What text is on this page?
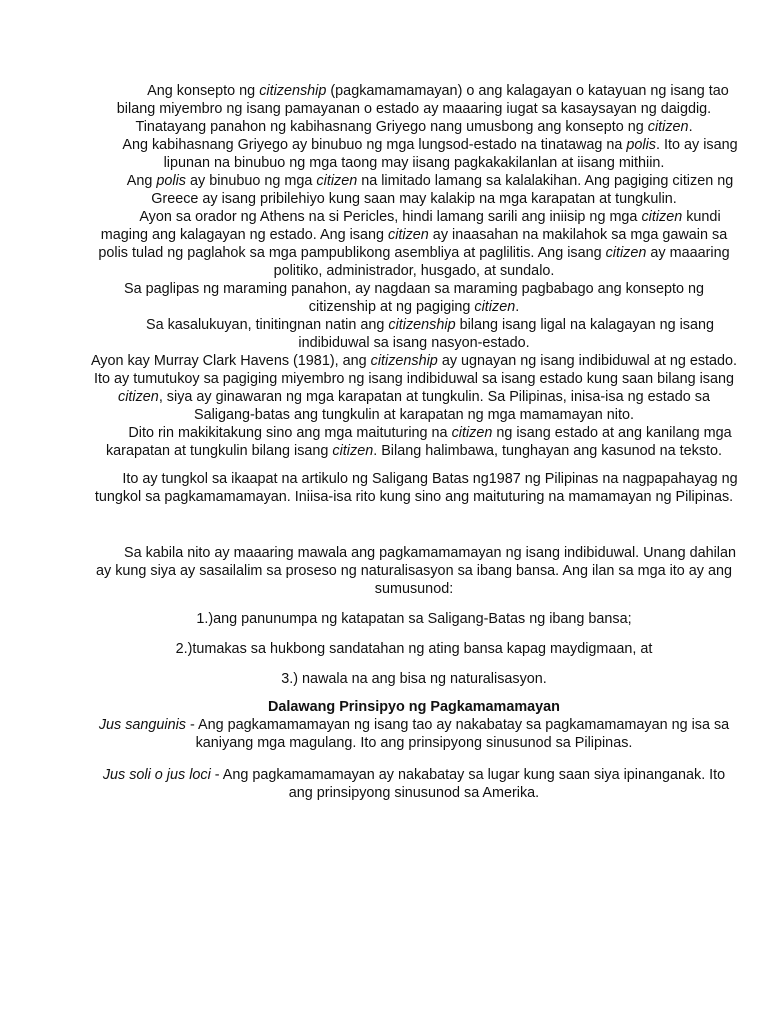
Ang konsepto ng citizenship (pagkamamamayan) o ang kalagayan o katayuan ng isang tao bilang miyembro ng isang pamayanan o estado ay maaaring iugat sa kasaysayan ng daigdig. Tinatayang panahon ng kabihasnang Griyego nang umusbong ang konsepto ng citizen.

Ang kabihasnang Griyego ay binubuo ng mga lungsod-estado na tinatawag na polis. Ito ay isang lipunan na binubuo ng mga taong may iisang pagkakakilanlan at iisang mithiin.

Ang polis ay binubuo ng mga citizen na limitado lamang sa kalalakihan. Ang pagiging citizen ng Greece ay isang pribilehiyo kung saan may kalakip na mga karapatan at tungkulin.

Ayon sa orador ng Athens na si Pericles, hindi lamang sarili ang iniisip ng mga citizen kundi maging ang kalagayan ng estado. Ang isang citizen ay inaasahan na makilahok sa mga gawain sa polis tulad ng paglahok sa mga pampublikong asembliya at paglilitis. Ang isang citizen ay maaaring politiko, administrador, husgado, at sundalo.

Sa paglipas ng maraming panahon, ay nagdaan sa maraming pagbabago ang konsepto ng citizenship at ng pagiging citizen.

Sa kasalukuyan, tinitingnan natin ang citizenship bilang isang ligal na kalagayan ng isang indibiduwal sa isang nasyon-estado.

Ayon kay Murray Clark Havens (1981), ang citizenship ay ugnayan ng isang indibiduwal at ng estado. Ito ay tumutukoy sa pagiging miyembro ng isang indibiduwal sa isang estado kung saan bilang isang citizen, siya ay ginawaran ng mga karapatan at tungkulin. Sa Pilipinas, inisa-isa ng estado sa Saligang-batas ang tungkulin at karapatan ng mga mamamayan nito.

Dito rin makikitakung sino ang mga maituturing na citizen ng isang estado at ang kanilang mga karapatan at tungkulin bilang isang citizen. Bilang halimbawa, tunghayan ang kasunod na teksto.

Ito ay tungkol sa ikaapat na artikulo ng Saligang Batas ng1987 ng Pilipinas na nagpapahayag ng tungkol sa pagkamamamayan. Iniisa-isa rito kung sino ang maituturing na mamamayan ng Pilipinas.

Sa kabila nito ay maaaring mawala ang pagkamamamayan ng isang indibiduwal. Unang dahilan ay kung siya ay sasailalim sa proseso ng naturalisasyon sa ibang bansa. Ang ilan sa mga ito ay ang sumusunod:

1.)ang panunumpa ng katapatan sa Saligang-Batas ng ibang bansa;

2.)tumakas sa hukbong sandatahan ng ating bansa kapag maydigmaan, at

3.) nawala na ang bisa ng naturalisasyon.

Dalawang Prinsipyo ng Pagkamamamayan

Jus sanguinis - Ang pagkamamamayan ng isang tao ay nakabatay sa pagkamamamayan ng isa sa kaniyang mga magulang. Ito ang prinsipyong sinusunod sa Pilipinas.

Jus soli o jus loci - Ang pagkamamamayan ay nakabatay sa lugar kung saan siya ipinanganak. Ito ang prinsipyong sinusunod sa Amerika.
